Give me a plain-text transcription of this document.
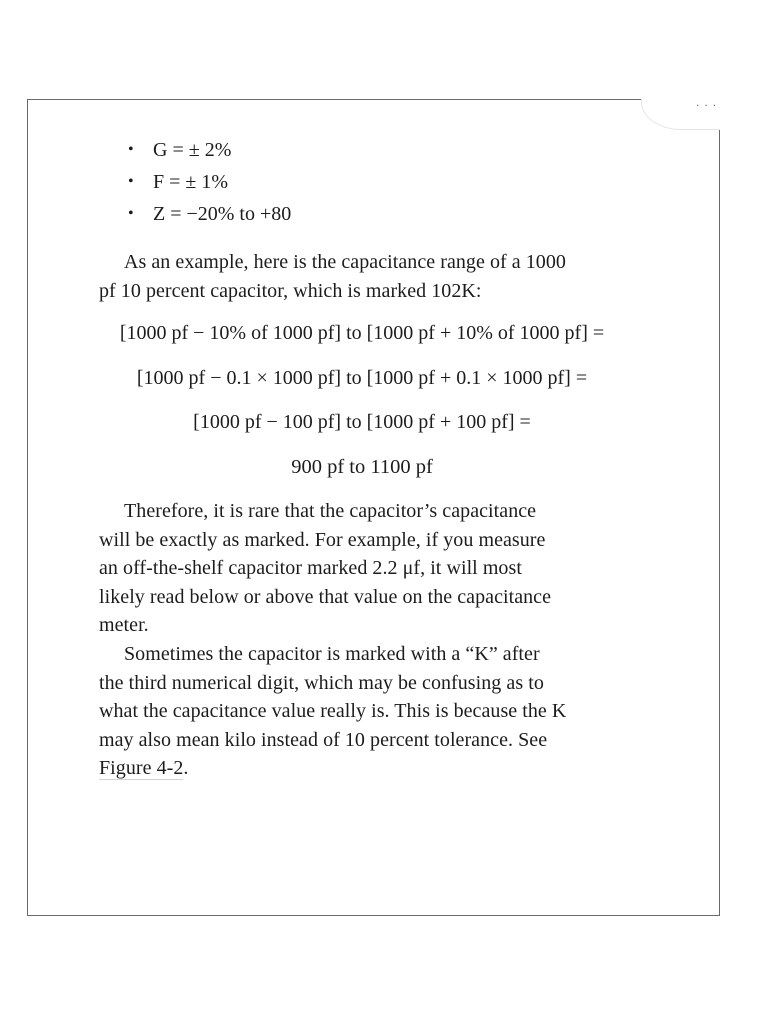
. . .
• G = ± 2%
• F = ± 1%
• Z = −20% to +80

As an example, here is the capacitance range of a 1000
pf 10 percent capacitor, which is marked 102K:

[1000 pf − 10% of 1000 pf] to [1000 pf + 10% of 1000 pf] =

[1000 pf − 0.1 × 1000 pf] to [1000 pf + 0.1 × 1000 pf] =

[1000 pf − 100 pf] to [1000 pf + 100 pf] =

900 pf to 1100 pf

Therefore, it is rare that the capacitor’s capacitance
will be exactly as marked. For example, if you measure
an off-the-shelf capacitor marked 2.2 μf, it will most
likely read below or above that value on the capacitance
meter.

Sometimes the capacitor is marked with a “K” after
the third numerical digit, which may be confusing as to
what the capacitance value really is. This is because the K
may also mean kilo instead of 10 percent tolerance. See
Figure 4-2.
